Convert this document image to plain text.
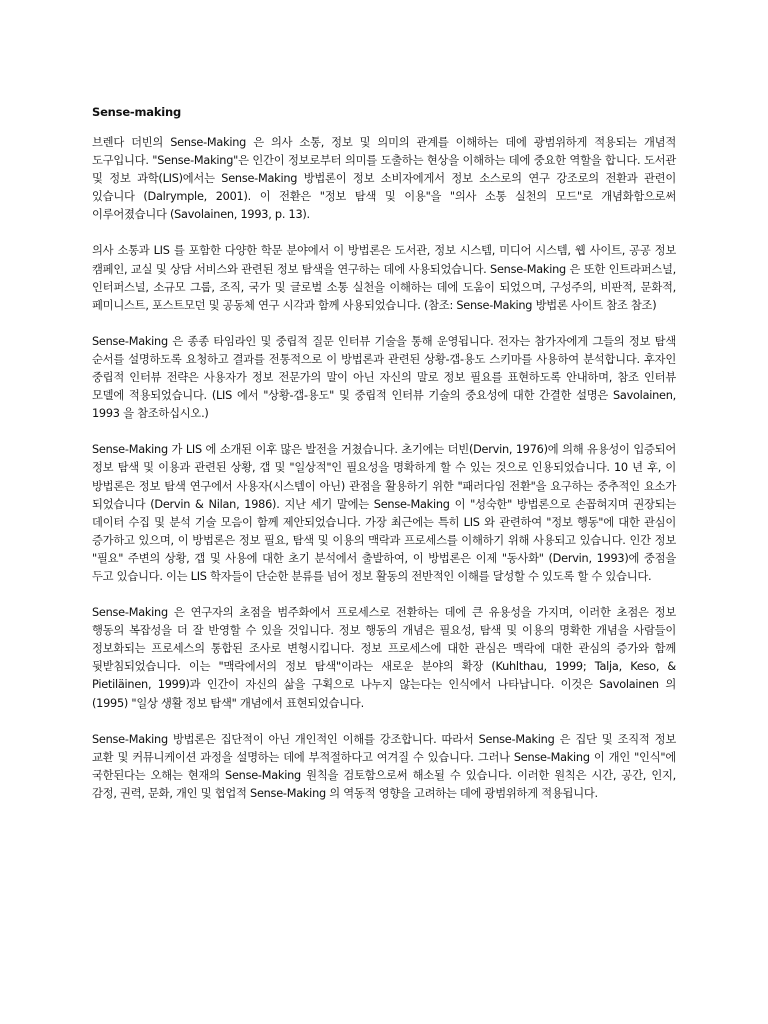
Sense-making

브렌다 더빈의 Sense-Making 은 의사 소통, 정보 및 의미의 관계를 이해하는 데에 광범위하게 적용되는 개념적 도구입니다. "Sense-Making"은 인간이 정보로부터 의미를 도출하는 현상을 이해하는 데에 중요한 역할을 합니다. 도서관 및 정보 과학(LIS)에서는 Sense-Making 방법론이 정보 소비자에게서 정보 소스로의 연구 강조로의 전환과 관련이 있습니다 (Dalrymple, 2001). 이 전환은 "정보 탐색 및 이용"을 "의사 소통 실천의 모드"로 개념화함으로써 이루어졌습니다 (Savolainen, 1993, p. 13).

의사 소통과 LIS 를 포함한 다양한 학문 분야에서 이 방법론은 도서관, 정보 시스템, 미디어 시스템, 웹 사이트, 공공 정보 캠페인, 교실 및 상담 서비스와 관련된 정보 탐색을 연구하는 데에 사용되었습니다. Sense-Making 은 또한 인트라퍼스널, 인터퍼스널, 소규모 그룹, 조직, 국가 및 글로벌 소통 실천을 이해하는 데에 도움이 되었으며, 구성주의, 비판적, 문화적, 페미니스트, 포스트모던 및 공동체 연구 시각과 함께 사용되었습니다. (참조: Sense-Making 방법론 사이트 참조 참조)

Sense-Making 은 종종 타임라인 및 중립적 질문 인터뷰 기술을 통해 운영됩니다. 전자는 참가자에게 그들의 정보 탐색 순서를 설명하도록 요청하고 결과를 전통적으로 이 방법론과 관련된 상황-갭-용도 스키마를 사용하여 분석합니다. 후자인 중립적 인터뷰 전략은 사용자가 정보 전문가의 말이 아닌 자신의 말로 정보 필요를 표현하도록 안내하며, 참조 인터뷰 모델에 적용되었습니다. (LIS 에서 "상황-갭-용도" 및 중립적 인터뷰 기술의 중요성에 대한 간결한 설명은 Savolainen, 1993 을 참조하십시오.)

Sense-Making 가 LIS 에 소개된 이후 많은 발전을 거쳤습니다. 초기에는 더빈(Dervin, 1976)에 의해 유용성이 입증되어 정보 탐색 및 이용과 관련된 상황, 갭 및 "일상적"인 필요성을 명확하게 할 수 있는 것으로 인용되었습니다. 10 년 후, 이 방법론은 정보 탐색 연구에서 사용자(시스템이 아닌) 관점을 활용하기 위한 "패러다임 전환"을 요구하는 중추적인 요소가 되었습니다 (Dervin & Nilan, 1986). 지난 세기 말에는 Sense-Making 이 "성숙한" 방법론으로 손꼽혀지며 권장되는 데이터 수집 및 분석 기술 모음이 함께 제안되었습니다. 가장 최근에는 특히 LIS 와 관련하여 "정보 행동"에 대한 관심이 증가하고 있으며, 이 방법론은 정보 필요, 탐색 및 이용의 맥락과 프로세스를 이해하기 위해 사용되고 있습니다. 인간 정보 "필요" 주변의 상황, 갭 및 사용에 대한 초기 분석에서 출발하여, 이 방법론은 이제 "동사화" (Dervin, 1993)에 중점을 두고 있습니다. 이는 LIS 학자들이 단순한 분류를 넘어 정보 활동의 전반적인 이해를 달성할 수 있도록 할 수 있습니다.

Sense-Making 은 연구자의 초점을 범주화에서 프로세스로 전환하는 데에 큰 유용성을 가지며, 이러한 초점은 정보 행동의 복잡성을 더 잘 반영할 수 있을 것입니다. 정보 행동의 개념은 필요성, 탐색 및 이용의 명확한 개념을 사람들이 정보화되는 프로세스의 통합된 조사로 변형시킵니다. 정보 프로세스에 대한 관심은 맥락에 대한 관심의 증가와 함께 뒷받침되었습니다. 이는 "맥락에서의 정보 탐색"이라는 새로운 분야의 확장 (Kuhlthau, 1999; Talja, Keso, & Pietiläinen, 1999)과 인간이 자신의 삶을 구획으로 나누지 않는다는 인식에서 나타납니다. 이것은 Savolainen 의 (1995) "일상 생활 정보 탐색" 개념에서 표현되었습니다.

Sense-Making 방법론은 집단적이 아닌 개인적인 이해를 강조합니다. 따라서 Sense-Making 은 집단 및 조직적 정보 교환 및 커뮤니케이션 과정을 설명하는 데에 부적절하다고 여겨질 수 있습니다. 그러나 Sense-Making 이 개인 "인식"에 국한된다는 오해는 현재의 Sense-Making 원칙을 검토함으로써 해소될 수 있습니다. 이러한 원칙은 시간, 공간, 인지, 감정, 권력, 문화, 개인 및 협업적 Sense-Making 의 역동적 영향을 고려하는 데에 광범위하게 적용됩니다.
